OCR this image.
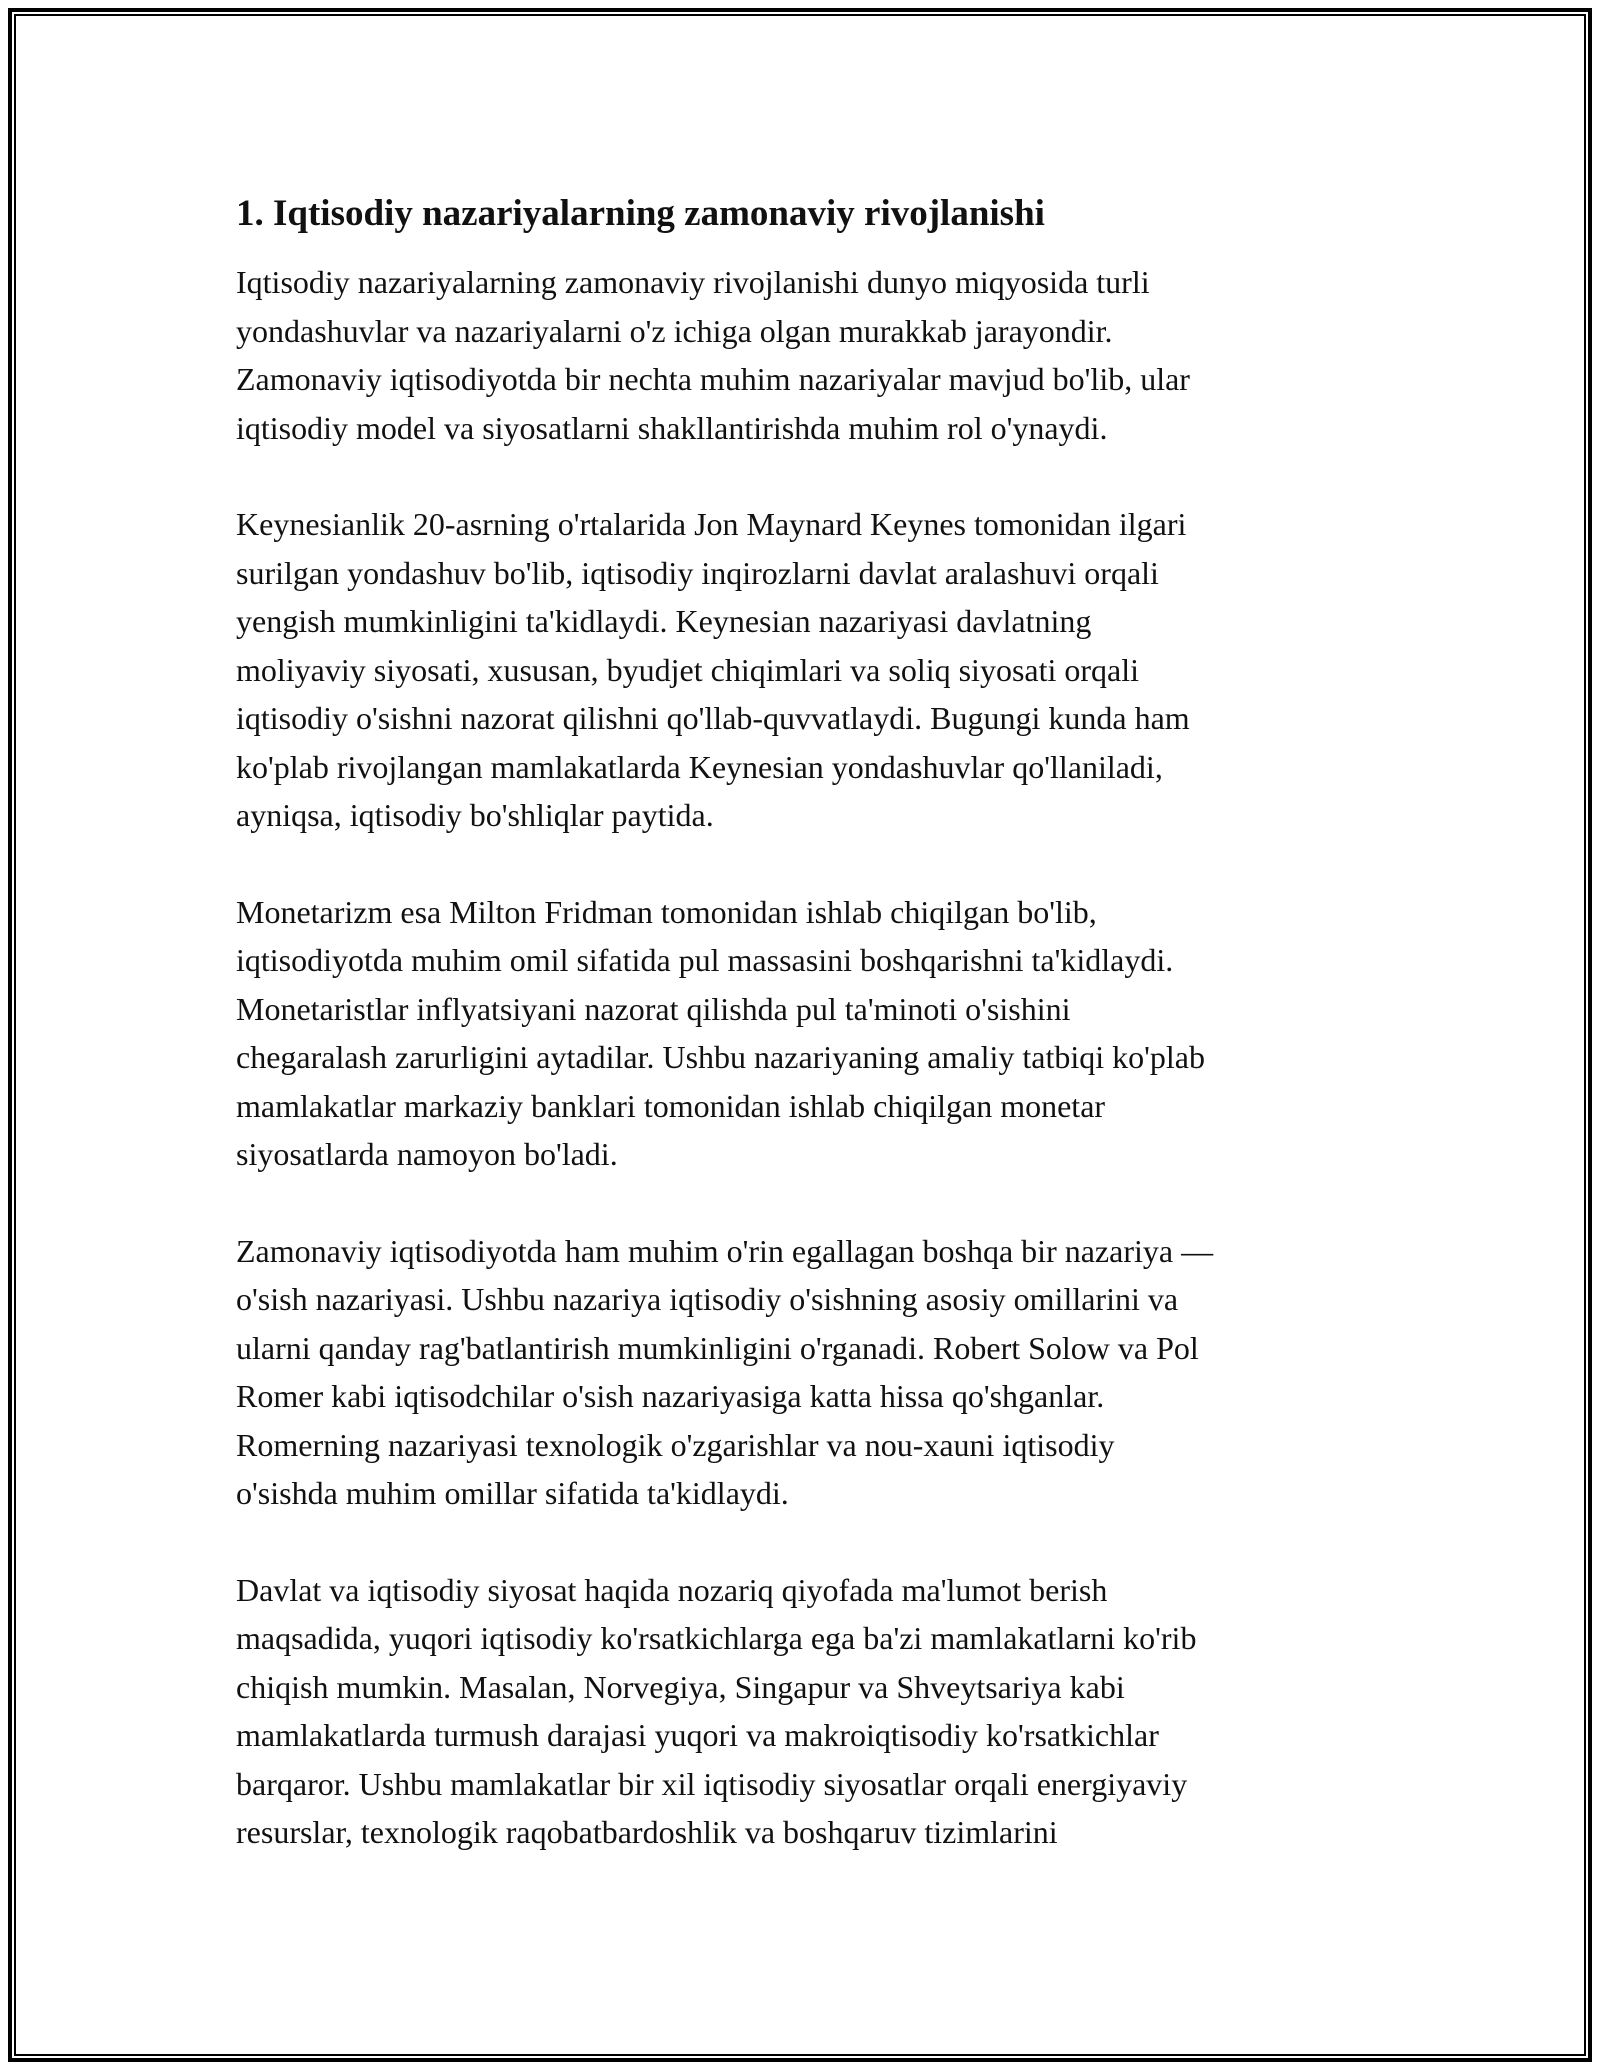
1. Iqtisodiy nazariyalarning zamonaviy rivojlanishi
Iqtisodiy nazariyalarning zamonaviy rivojlanishi dunyo miqyosida turli
yondashuvlar va nazariyalarni o'z ichiga olgan murakkab jarayondir.
Zamonaviy iqtisodiyotda bir nechta muhim nazariyalar mavjud bo'lib, ular
iqtisodiy model va siyosatlarni shakllantirishda muhim rol o'ynaydi.
Keynesianlik 20-asrning o'rtalarida Jon Maynard Keynes tomonidan ilgari
surilgan yondashuv bo'lib, iqtisodiy inqirozlarni davlat aralashuvi orqali
yengish mumkinligini ta'kidlaydi. Keynesian nazariyasi davlatning
moliyaviy siyosati, xususan, byudjet chiqimlari va soliq siyosati orqali
iqtisodiy o'sishni nazorat qilishni qo'llab-quvvatlaydi. Bugungi kunda ham
ko'plab rivojlangan mamlakatlarda Keynesian yondashuvlar qo'llaniladi,
ayniqsa, iqtisodiy bo'shliqlar paytida.
Monetarizm esa Milton Fridman tomonidan ishlab chiqilgan bo'lib,
iqtisodiyotda muhim omil sifatida pul massasini boshqarishni ta'kidlaydi.
Monetaristlar inflyatsiyani nazorat qilishda pul ta'minoti o'sishini
chegaralash zarurligini aytadilar. Ushbu nazariyaning amaliy tatbiqi ko'plab
mamlakatlar markaziy banklari tomonidan ishlab chiqilgan monetar
siyosatlarda namoyon bo'ladi.
Zamonaviy iqtisodiyotda ham muhim o'rin egallagan boshqa bir nazariya —
o'sish nazariyasi. Ushbu nazariya iqtisodiy o'sishning asosiy omillarini va
ularni qanday rag'batlantirish mumkinligini o'rganadi. Robert Solow va Pol
Romer kabi iqtisodchilar o'sish nazariyasiga katta hissa qo'shganlar.
Romerning nazariyasi texnologik o'zgarishlar va nou-xauni iqtisodiy
o'sishda muhim omillar sifatida ta'kidlaydi.
Davlat va iqtisodiy siyosat haqida nozariq qiyofada ma'lumot berish
maqsadida, yuqori iqtisodiy ko'rsatkichlarga ega ba'zi mamlakatlarni ko'rib
chiqish mumkin. Masalan, Norvegiya, Singapur va Shveytsariya kabi
mamlakatlarda turmush darajasi yuqori va makroiqtisodiy ko'rsatkichlar
barqaror. Ushbu mamlakatlar bir xil iqtisodiy siyosatlar orqali energiyaviy
resurslar, texnologik raqobatbardoshlik va boshqaruv tizimlarini
